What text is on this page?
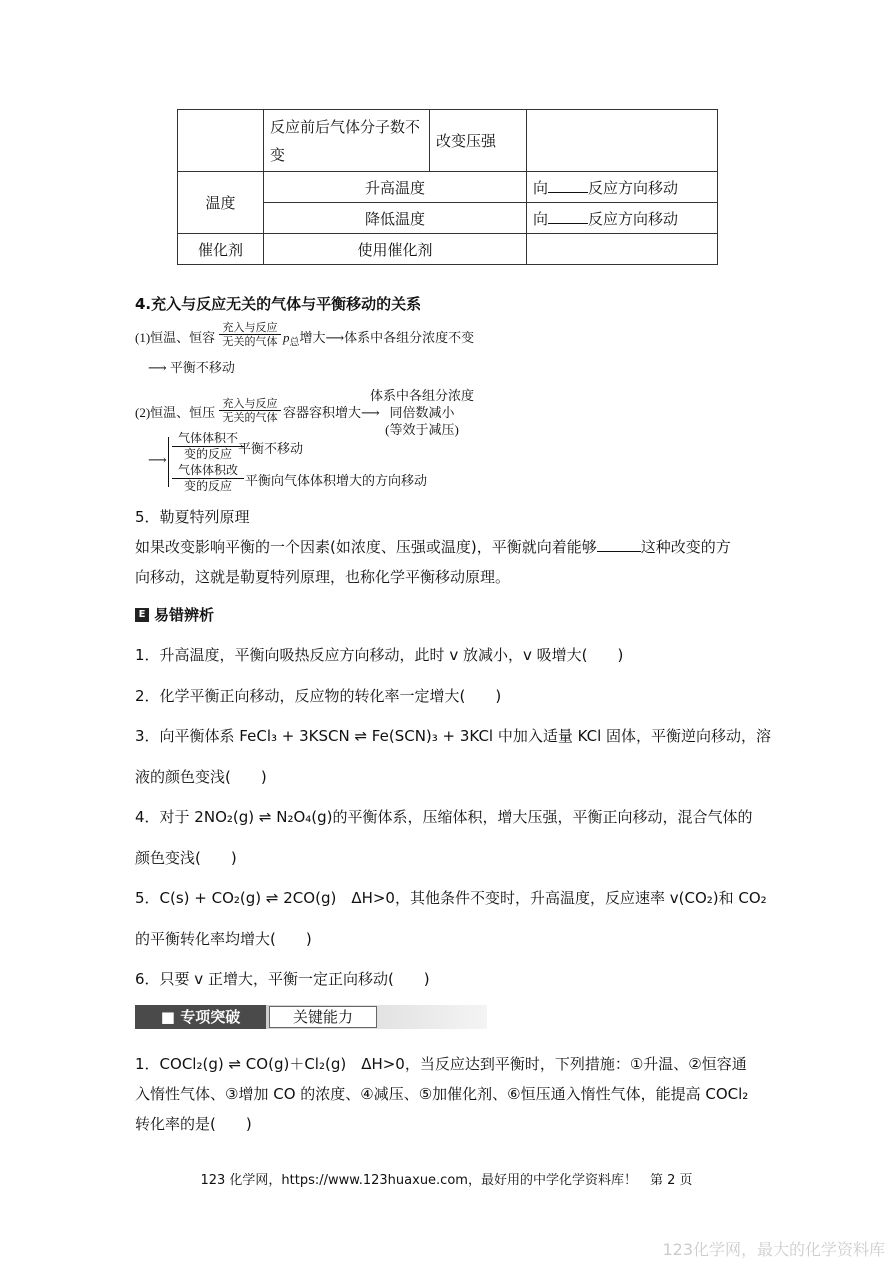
	反应前后气体分子数不变	改变压强	
温度	升高温度		向 反应方向移动
	降低温度		向 反应方向移动
催化剂	使用催化剂		
4.充入与反应无关的气体与平衡移动的关系
(1)恒温、恒容
充入与反应
无关的气体 $p_总$增大⟶体系中各组分浓度不变
⟶ 平衡不移动
(2)恒温、恒压
充入与反应
无关的气体 容器容积增大⟶
体系中各组分浓度
同倍数减小
(等效于减压)
⟶
气体体积不
变的反应 平衡不移动
气体体积改
变的反应	平衡向气体体积增大的方向移动
5．勒夏特列原理
如果改变影响平衡的一个因素(如浓度、压强或温度)，平衡就向着能够	这种改变的方
向移动，这就是勒夏特列原理，也称化学平衡移动原理。
E 易错辨析
1．升高温度，平衡向吸热反应方向移动，此时 v 放减小，v 吸增大(　　)
2．化学平衡正向移动，反应物的转化率一定增大(　　)
3．向平衡体系 FeCl₃ + 3KSCN ⇌ Fe(SCN)₃ + 3KCl 中加入适量 KCl 固体，平衡逆向移动，溶
液的颜色变浅(　　)
4．对于 2NO₂(g) ⇌ N₂O₄(g)的平衡体系，压缩体积，增大压强，平衡正向移动，混合气体的
颜色变浅(　　)
5．C(s) + CO₂(g) ⇌ 2CO(g)　ΔH>0，其他条件不变时，升高温度，反应速率 v(CO₂)和 CO₂
的平衡转化率均增大(　　)
6．只要 v 正增大，平衡一定正向移动(　　)
■ 专项突破	关键能力
1．COCl₂(g) ⇌ CO(g)＋Cl₂(g)　ΔH>0，当反应达到平衡时，下列措施：①升温、②恒容通
入惰性气体、③增加 CO 的浓度、④减压、⑤加催化剂、⑥恒压通入惰性气体，能提高 COCl₂
转化率的是(　　)
123 化学网，https://www.123huaxue.com，最好用的中学化学资料库！　第 2 页
123化学网，最大的化学资料库
